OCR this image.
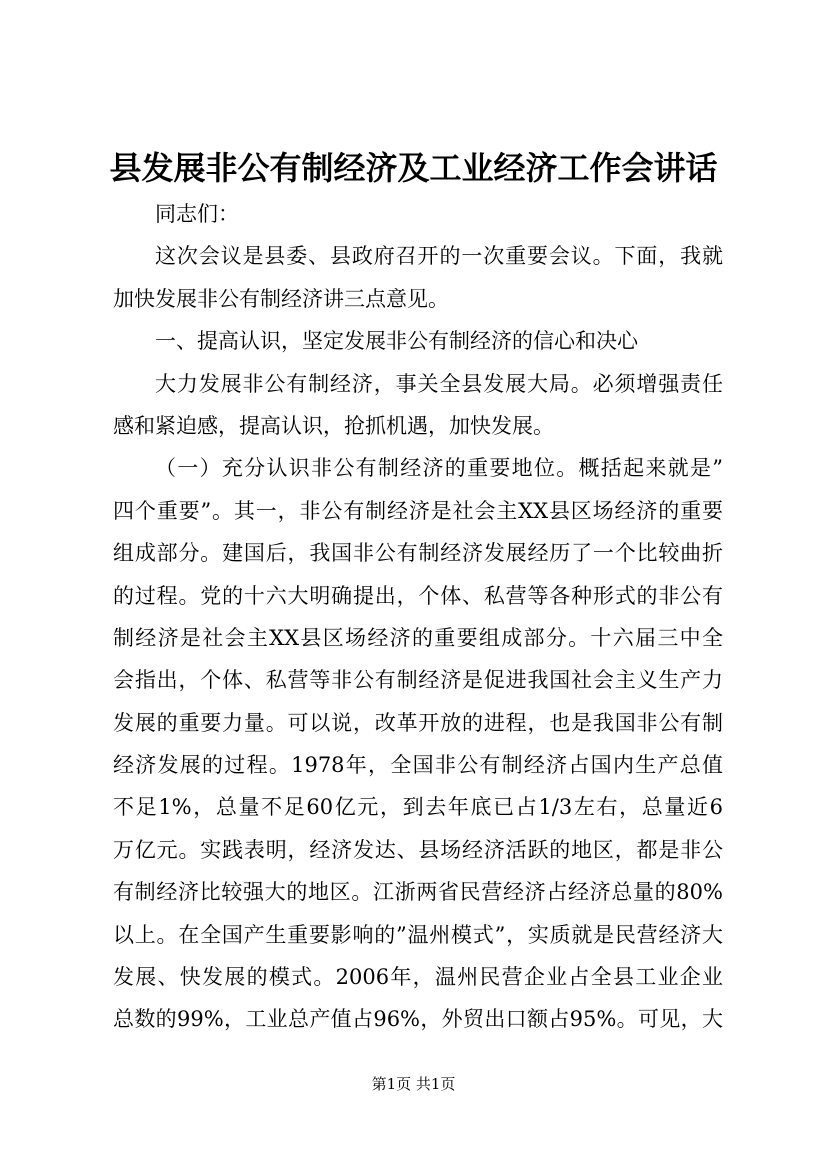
县发展非公有制经济及工业经济工作会讲话
同志们：
这次会议是县委、县政府召开的一次重要会议。下面，我就
加快发展非公有制经济讲三点意见。
一、提高认识，坚定发展非公有制经济的信心和决心
大力发展非公有制经济，事关全县发展大局。必须增强责任
感和紧迫感，提高认识，抢抓机遇，加快发展。
（一）充分认识非公有制经济的重要地位。概括起来就是”
四个重要”。其一，非公有制经济是社会主XX县区场经济的重要
组成部分。建国后，我国非公有制经济发展经历了一个比较曲折
的过程。党的十六大明确提出，个体、私营等各种形式的非公有
制经济是社会主XX县区场经济的重要组成部分。十六届三中全
会指出，个体、私营等非公有制经济是促进我国社会主义生产力
发展的重要力量。可以说，改革开放的进程，也是我国非公有制
经济发展的过程。1978年，全国非公有制经济占国内生产总值
不足1%，总量不足60亿元，到去年底已占1/3左右，总量近6
万亿元。实践表明，经济发达、县场经济活跃的地区，都是非公
有制经济比较强大的地区。江浙两省民营经济占经济总量的80%
以上。在全国产生重要影响的”温州模式”，实质就是民营经济大
发展、快发展的模式。2006年，温州民营企业占全县工业企业
总数的99%，工业总产值占96%，外贸出口额占95%。可见，大
第1页 共1页
